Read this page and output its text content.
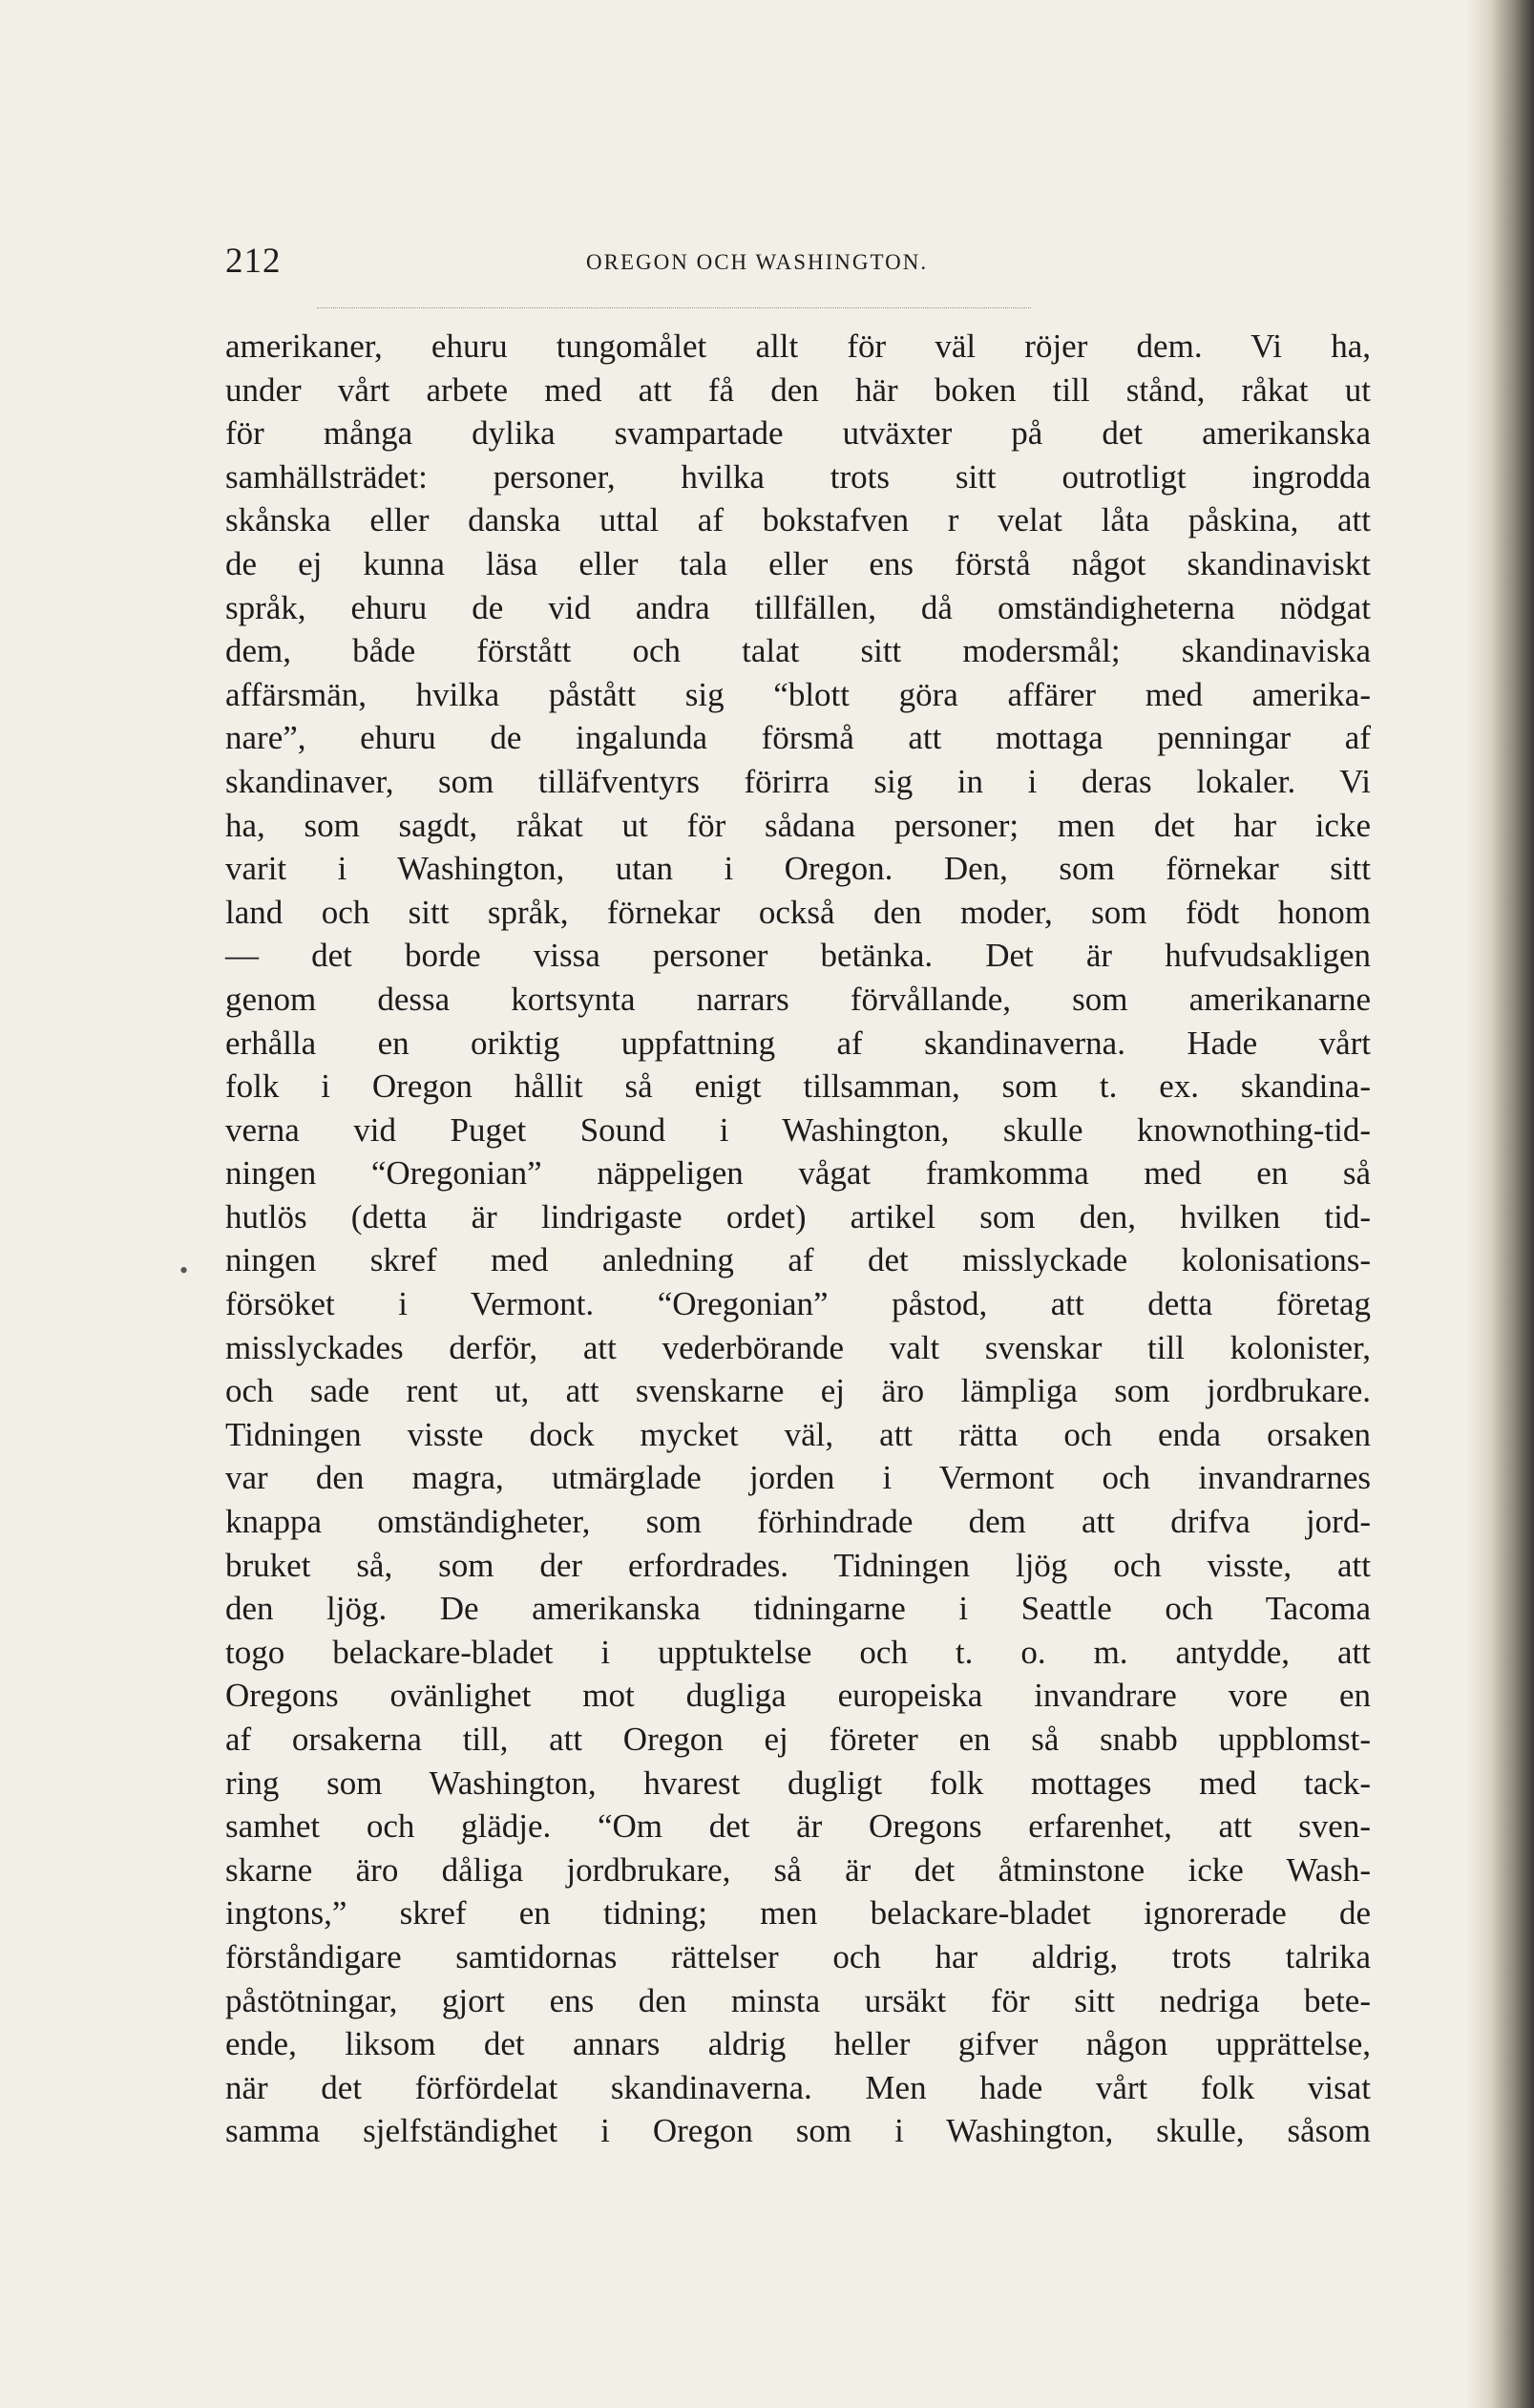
212	OREGON OCH WASHINGTON.
•
amerikaner, ehuru tungomålet allt för väl röjer dem. Vi ha,
under vårt arbete med att få den här boken till stånd, råkat ut
för många dylika svampartade utväxter på det amerikanska
samhällsträdet: personer, hvilka trots sitt outrotligt ingrodda
skånska eller danska uttal af bokstafven r velat låta påskina, att
de ej kunna läsa eller tala eller ens förstå något skandinaviskt
språk, ehuru de vid andra tillfällen, då omständigheterna nödgat
dem, både förstått och talat sitt modersmål; skandinaviska
affärsmän, hvilka påstått sig “blott göra affärer med amerika-
nare”, ehuru de ingalunda försmå att mottaga penningar af
skandinaver, som tilläfventyrs förirra sig in i deras lokaler. Vi
ha, som sagdt, råkat ut för sådana personer; men det har icke
varit i Washington, utan i Oregon. Den, som förnekar sitt
land och sitt språk, förnekar också den moder, som födt honom
— det borde vissa personer betänka. Det är hufvudsakligen
genom dessa kortsynta narrars förvållande, som amerikanarne
erhålla en oriktig uppfattning af skandinaverna. Hade vårt
folk i Oregon hållit så enigt tillsamman, som t. ex. skandina-
verna vid Puget Sound i Washington, skulle knownothing-tid-
ningen “Oregonian” näppeligen vågat framkomma med en så
hutlös (detta är lindrigaste ordet) artikel som den, hvilken tid-
ningen skref med anledning af det misslyckade kolonisations-
försöket i Vermont. “Oregonian” påstod, att detta företag
misslyckades derför, att vederbörande valt svenskar till kolonister,
och sade rent ut, att svenskarne ej äro lämpliga som jordbrukare.
Tidningen visste dock mycket väl, att rätta och enda orsaken
var den magra, utmärglade jorden i Vermont och invandrarnes
knappa omständigheter, som förhindrade dem att drifva jord-
bruket så, som der erfordrades. Tidningen ljög och visste, att
den ljög. De amerikanska tidningarne i Seattle och Tacoma
togo belackare-bladet i upptuktelse och t. o. m. antydde, att
Oregons ovänlighet mot dugliga europeiska invandrare vore en
af orsakerna till, att Oregon ej företer en så snabb uppblomst-
ring som Washington, hvarest dugligt folk mottages med tack-
samhet och glädje. “Om det är Oregons erfarenhet, att sven-
skarne äro dåliga jordbrukare, så är det åtminstone icke Wash-
ingtons,” skref en tidning; men belackare-bladet ignorerade de
förståndigare samtidornas rättelser och har aldrig, trots talrika
påstötningar, gjort ens den minsta ursäkt för sitt nedriga bete-
ende, liksom det annars aldrig heller gifver någon upprättelse,
när det förfördelat skandinaverna. Men hade vårt folk visat
samma sjelfständighet i Oregon som i Washington, skulle, såsom
